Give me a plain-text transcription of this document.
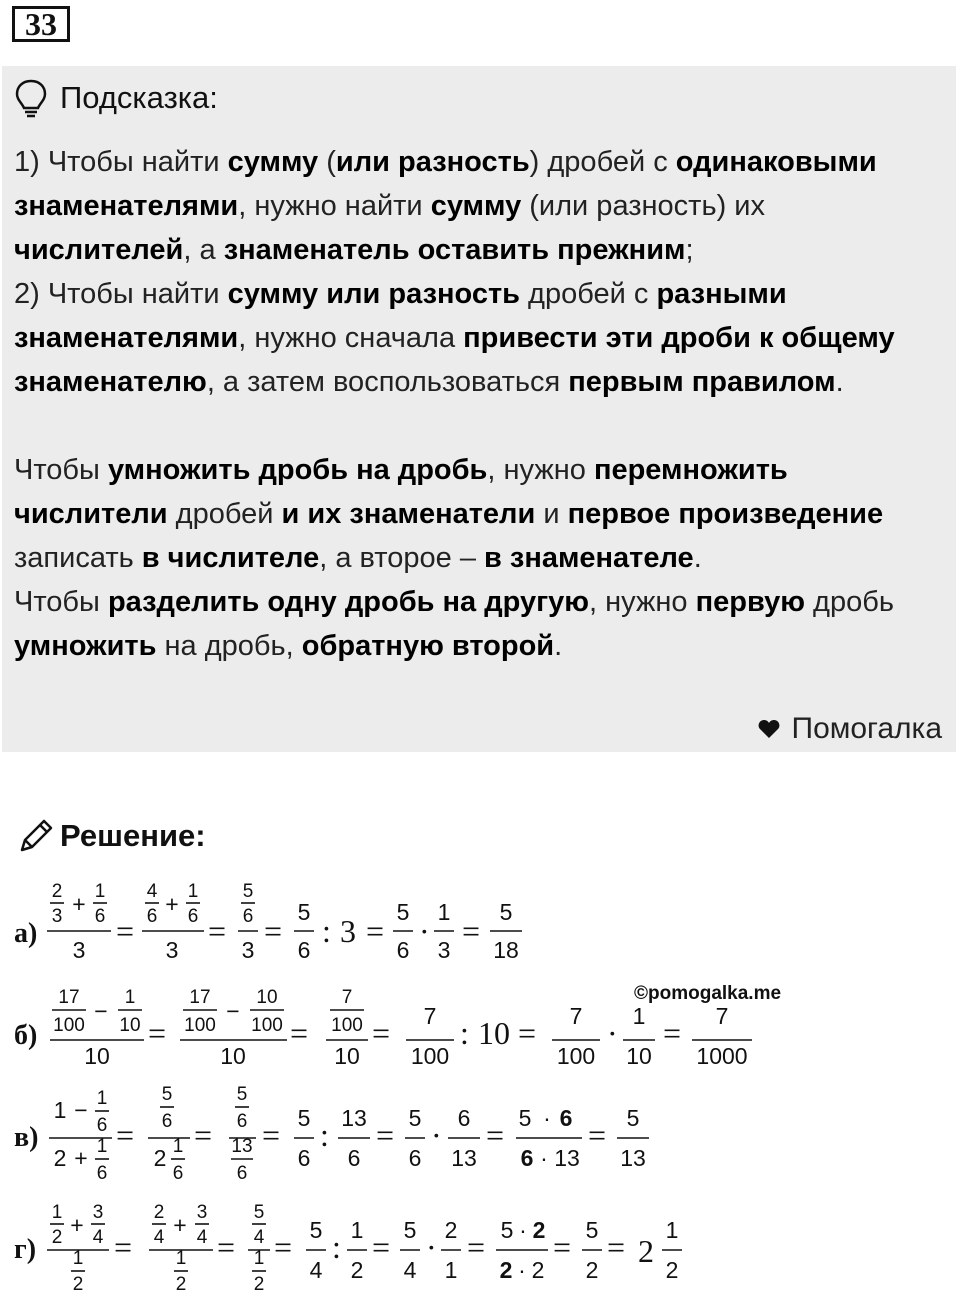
33
Подсказка:

1) Чтобы найти сумму (или разность) дробей с одинаковыми знаменателями, нужно найти сумму (или разность) их числителей, а знаменатель оставить прежним;

2) Чтобы найти сумму или разность дробей с разными знаменателями, нужно сначала привести эти дроби к общему знаменателю, а затем воспользоваться первым правилом.

Чтобы умножить дробь на дробь, нужно перемножить числители дробей и их знаменатели и первое произведение записать в числителе, а второе – в знаменателе.

Чтобы разделить одну дробь на другую, нужно первую дробь умножить на дробь, обратную второй.

Помогалка
Решение:
©pomogalka.me
а)
2
3 + 1
6
3
=
4
6 + 1
6
3
=
5
6
3
=
5
6
: 3 =
5
6
·
1
3
=
5
18
б)
17
100
−
1
10
10
=
17
100
−
10
100
10
=
7
100
10
= 7
100
: 10 = 7
100
· 1
10
= 7
1000
в)
1 − 1
6
2 + 1
6
=
5
6
2 1
6
=
5
6
13
6
= 5
6
: 13
6
= 5
6
· 6
13
= 5 · 6
6 · 13
= 5
13
г)
1
2 + 3
4
1
2
=
2
4 + 3
4
1
2
=
5
4
1
2
= 5
4
: 1
2
= 5
4
· 2
1
= 5 · 2
2 · 2
= 5
2
= 2
1
2
